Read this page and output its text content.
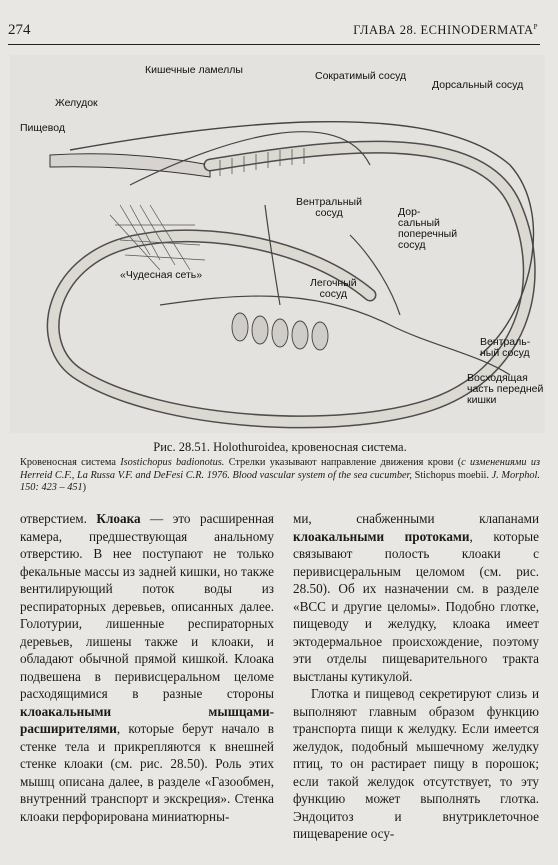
274	ГЛАВА 28. $ECHINODERMATA^P$
Кишечные ламеллы	Сократимый сосуд
Дорсальный сосуд
Желудок
Пищевод
Вентральный
сосуд	Дор-
сальный
поперечный
сосуд
«Чудесная сеть»
Легочный
сосуд
Вентраль-
ный сосуд
Восходящая
часть передней
кишки
Рис. 28.51. Holothuroidea, кровеносная система.
Кровеносная система Isostichopus badionotus. Стрелки указывают направление движения крови (с изменениями из Herreid C.F., La Russa V.F. and DeFesi C.R. 1976. Blood vascular system of the sea cucumber, Stichopus moebii. J. Morphol. 150: 423 – 451)

отверстием. Клоака — это расширенная камера, предшествующая анальному отверстию. В нее поступают не только фекальные массы из задней кишки, но также вентилирующий поток воды из респираторных деревьев, описанных далее. Голотурии, лишенные респираторных деревьев, лишены также и клоаки, и обладают обычной прямой кишкой. Клоака подвешена в перивисцеральном целоме расходящимися в разные стороны клоакальными мышцами-расширителями, которые берут начало в стенке тела и прикрепляются к внешней стенке клоаки (см. рис. 28.50). Роль этих мышц описана далее, в разделе «Газообмен, внутренний транспорт и экскреция». Стенка клоаки перфорирована миниатюрны-

ми, снабженными клапанами клоакальными протоками, которые связывают полость клоаки с перивисцеральным целомом (см. рис. 28.50). Об их назначении см. в разделе «ВСС и другие целомы». Подобно глотке, пищеводу и желудку, клоака имеет эктодермальное происхождение, поэтому эти отделы пищеварительного тракта выстланы кутикулой.

Глотка и пищевод секретируют слизь и выполняют главным образом функцию транспорта пищи к желудку. Если имеется желудок, подобный мышечному желудку птиц, то он растирает пищу в порошок; если такой желудок отсутствует, то эту функцию может выполнять глотка. Эндоцитоз и внутриклеточное пищеварение осу-
